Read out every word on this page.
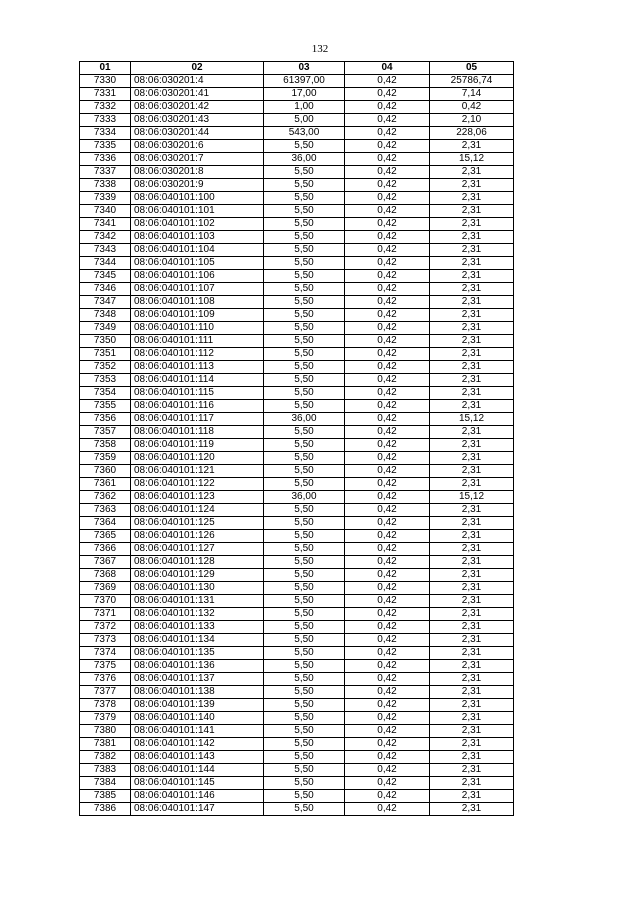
132
01	02	03	04	05
7330	08:06:030201:4	61397,00	0,42	25786,74
7331	08:06:030201:41	17,00	0,42	7,14
7332	08:06:030201:42	1,00	0,42	0,42
7333	08:06:030201:43	5,00	0,42	2,10
7334	08:06:030201:44	543,00	0,42	228,06
7335	08:06:030201:6	5,50	0,42	2,31
7336	08:06:030201:7	36,00	0,42	15,12
7337	08:06:030201:8	5,50	0,42	2,31
7338	08:06:030201:9	5,50	0,42	2,31
7339	08:06:040101:100	5,50	0,42	2,31
7340	08:06:040101:101	5,50	0,42	2,31
7341	08:06:040101:102	5,50	0,42	2,31
7342	08:06:040101:103	5,50	0,42	2,31
7343	08:06:040101:104	5,50	0,42	2,31
7344	08:06:040101:105	5,50	0,42	2,31
7345	08:06:040101:106	5,50	0,42	2,31
7346	08:06:040101:107	5,50	0,42	2,31
7347	08:06:040101:108	5,50	0,42	2,31
7348	08:06:040101:109	5,50	0,42	2,31
7349	08:06:040101:110	5,50	0,42	2,31
7350	08:06:040101:111	5,50	0,42	2,31
7351	08:06:040101:112	5,50	0,42	2,31
7352	08:06:040101:113	5,50	0,42	2,31
7353	08:06:040101:114	5,50	0,42	2,31
7354	08:06:040101:115	5,50	0,42	2,31
7355	08:06:040101:116	5,50	0,42	2,31
7356	08:06:040101:117	36,00	0,42	15,12
7357	08:06:040101:118	5,50	0,42	2,31
7358	08:06:040101:119	5,50	0,42	2,31
7359	08:06:040101:120	5,50	0,42	2,31
7360	08:06:040101:121	5,50	0,42	2,31
7361	08:06:040101:122	5,50	0,42	2,31
7362	08:06:040101:123	36,00	0,42	15,12
7363	08:06:040101:124	5,50	0,42	2,31
7364	08:06:040101:125	5,50	0,42	2,31
7365	08:06:040101:126	5,50	0,42	2,31
7366	08:06:040101:127	5,50	0,42	2,31
7367	08:06:040101:128	5,50	0,42	2,31
7368	08:06:040101:129	5,50	0,42	2,31
7369	08:06:040101:130	5,50	0,42	2,31
7370	08:06:040101:131	5,50	0,42	2,31
7371	08:06:040101:132	5,50	0,42	2,31
7372	08:06:040101:133	5,50	0,42	2,31
7373	08:06:040101:134	5,50	0,42	2,31
7374	08:06:040101:135	5,50	0,42	2,31
7375	08:06:040101:136	5,50	0,42	2,31
7376	08:06:040101:137	5,50	0,42	2,31
7377	08:06:040101:138	5,50	0,42	2,31
7378	08:06:040101:139	5,50	0,42	2,31
7379	08:06:040101:140	5,50	0,42	2,31
7380	08:06:040101:141	5,50	0,42	2,31
7381	08:06:040101:142	5,50	0,42	2,31
7382	08:06:040101:143	5,50	0,42	2,31
7383	08:06:040101:144	5,50	0,42	2,31
7384	08:06:040101:145	5,50	0,42	2,31
7385	08:06:040101:146	5,50	0,42	2,31
7386	08:06:040101:147	5,50	0,42	2,31
